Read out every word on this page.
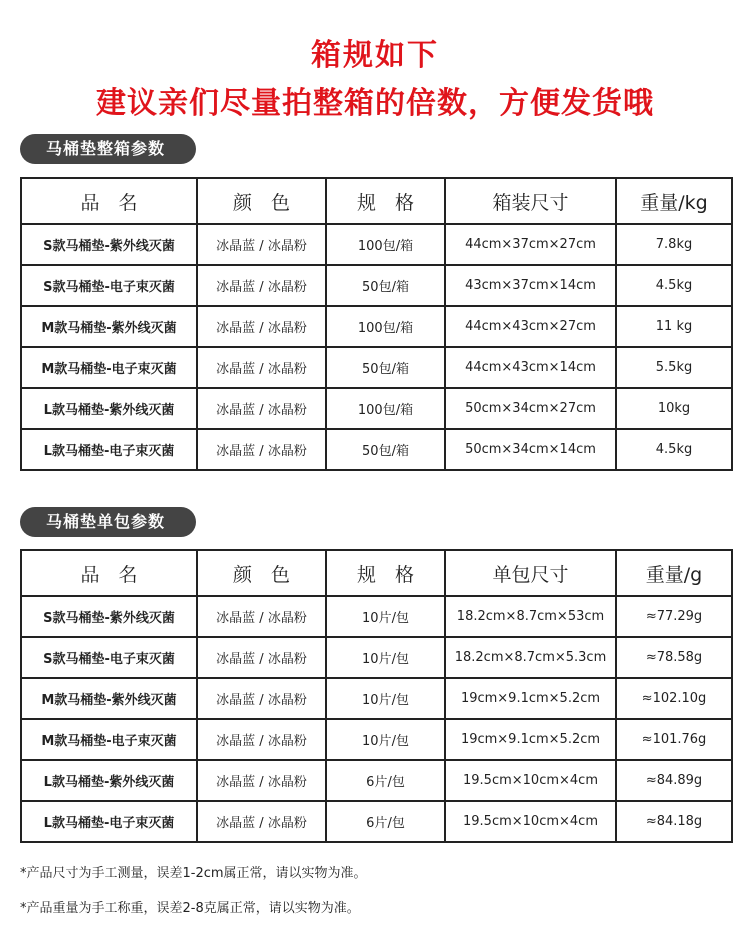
箱规如下
建议亲们尽量拍整箱的倍数，方便发货哦
马桶垫整箱参数
品　名	颜　色	规　格	箱装尺寸	重量/kg
S款马桶垫-紫外线灭菌	冰晶蓝 / 冰晶粉	100包/箱	44cm×37cm×27cm	7.8kg
S款马桶垫-电子束灭菌	冰晶蓝 / 冰晶粉	50包/箱	43cm×37cm×14cm	4.5kg
M款马桶垫-紫外线灭菌	冰晶蓝 / 冰晶粉	100包/箱	44cm×43cm×27cm	11 kg
M款马桶垫-电子束灭菌	冰晶蓝 / 冰晶粉	50包/箱	44cm×43cm×14cm	5.5kg
L款马桶垫-紫外线灭菌	冰晶蓝 / 冰晶粉	100包/箱	50cm×34cm×27cm	10kg
L款马桶垫-电子束灭菌	冰晶蓝 / 冰晶粉	50包/箱	50cm×34cm×14cm	4.5kg
马桶垫单包参数
品　名	颜　色	规　格	单包尺寸	重量/g
S款马桶垫-紫外线灭菌	冰晶蓝 / 冰晶粉	10片/包	18.2cm×8.7cm×53cm	≈77.29g
S款马桶垫-电子束灭菌	冰晶蓝 / 冰晶粉	10片/包	18.2cm×8.7cm×5.3cm	≈78.58g
M款马桶垫-紫外线灭菌	冰晶蓝 / 冰晶粉	10片/包	19cm×9.1cm×5.2cm	≈102.10g
M款马桶垫-电子束灭菌	冰晶蓝 / 冰晶粉	10片/包	19cm×9.1cm×5.2cm	≈101.76g
L款马桶垫-紫外线灭菌	冰晶蓝 / 冰晶粉	6片/包	19.5cm×10cm×4cm	≈84.89g
L款马桶垫-电子束灭菌	冰晶蓝 / 冰晶粉	6片/包	19.5cm×10cm×4cm	≈84.18g
*产品尺寸为手工测量，误差1-2cm属正常，请以实物为准。
*产品重量为手工称重，误差2-8克属正常，请以实物为准。
